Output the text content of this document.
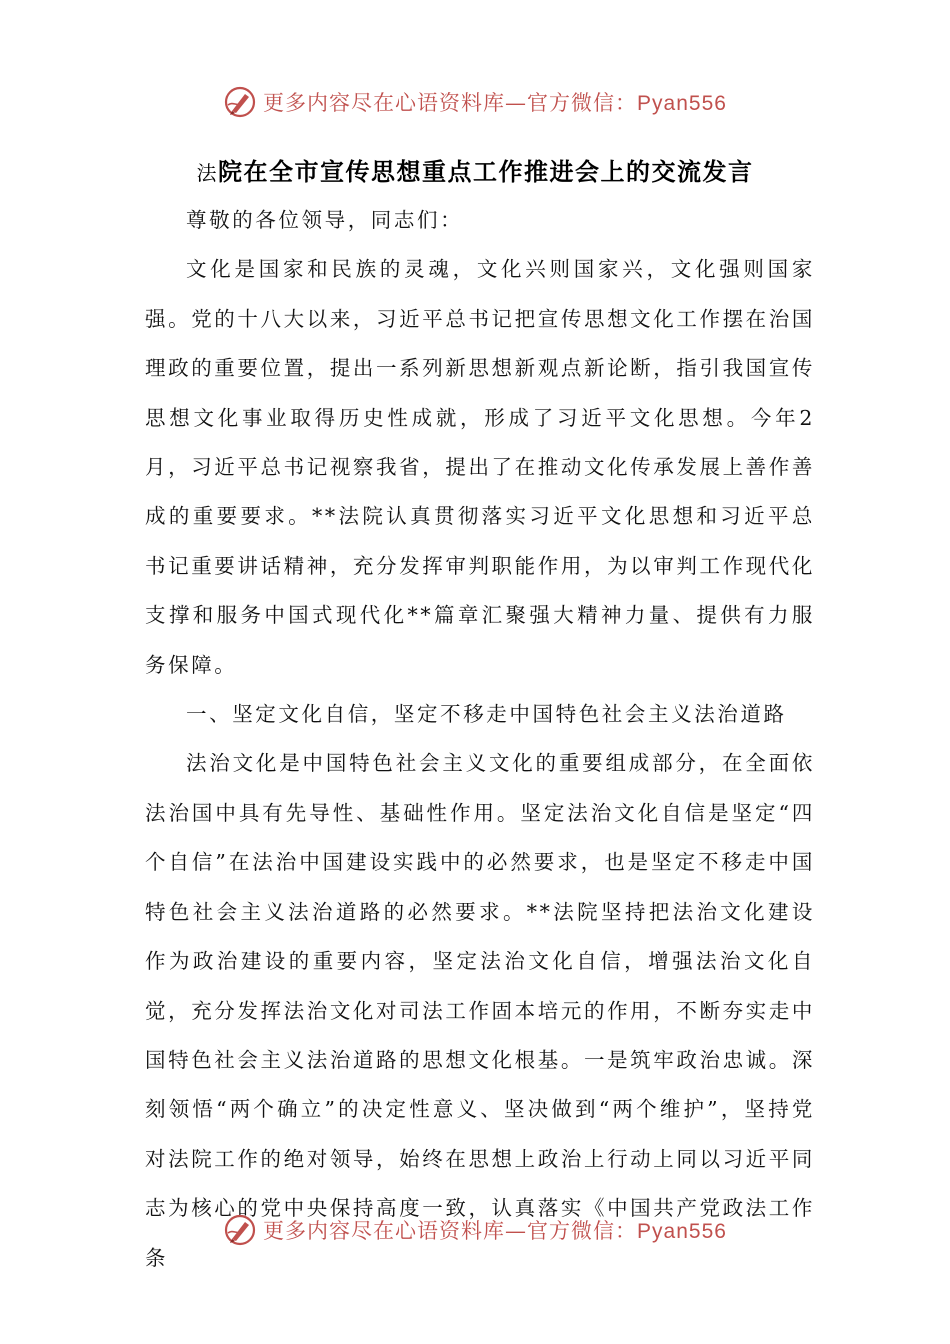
更多内容尽在心语资料库—官方微信：Pyan556
法院在全市宣传思想重点工作推进会上的交流发言

尊敬的各位领导，同志们：

文化是国家和民族的灵魂，文化兴则国家兴，文化强则国家强。党的十八大以来，习近平总书记把宣传思想文化工作摆在治国理政的重要位置，提出一系列新思想新观点新论断，指引我国宣传思想文化事业取得历史性成就，形成了习近平文化思想。今年2月，习近平总书记视察我省，提出了在推动文化传承发展上善作善成的重要要求。**法院认真贯彻落实习近平文化思想和习近平总书记重要讲话精神，充分发挥审判职能作用，为以审判工作现代化支撑和服务中国式现代化**篇章汇聚强大精神力量、提供有力服务保障。

一、坚定文化自信，坚定不移走中国特色社会主义法治道路

法治文化是中国特色社会主义文化的重要组成部分，在全面依法治国中具有先导性、基础性作用。坚定法治文化自信是坚定“四个自信”在法治中国建设实践中的必然要求，也是坚定不移走中国特色社会主义法治道路的必然要求。**法院坚持把法治文化建设作为政治建设的重要内容，坚定法治文化自信，增强法治文化自觉，充分发挥法治文化对司法工作固本培元的作用，不断夯实走中国特色社会主义法治道路的思想文化根基。一是筑牢政治忠诚。深刻领悟“两个确立”的决定性意义、坚决做到“两个维护”，坚持党对法院工作的绝对领导，始终在思想上政治上行动上同以习近平同志为核心的党中央保持高度一致，认真落实《中国共产党政法工作条

更多内容尽在心语资料库—官方微信：Pyan556
